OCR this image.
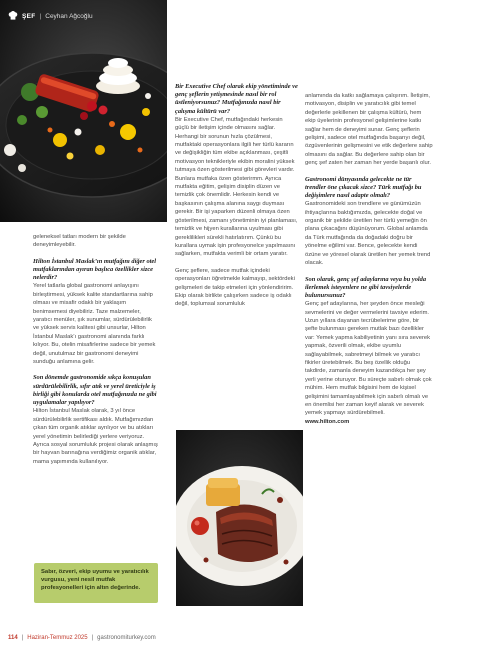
ŞEF | Ceyhan Ağcoğlu

geleneksel tatları modern bir şekilde deneyimleyebilir.

Hilton İstanbul Maslak’ın mutfağını diğer otel mutfaklarından ayıran başlıca özellikler sizce nelerdir?

Yerel tatlarla global gastronomi anlayışını birleştirmesi, yüksek kalite standartlarına sahip olması ve misafir odaklı bir yaklaşım benimsemesi diyebiliriz. Taze malzemeler, yaratıcı menüler, şık sunumlar, sürdürülebilirlik ve yüksek servis kalitesi gibi unsurlar, Hilton İstanbul Maslak’ı gastronomi alanında farklı kılıyor. Bu, otelin misafirlerine sadece bir yemek değil, unutulmaz bir gastronomi deneyimi sunduğu anlamına gelir.

Son dönemde gastronomide sıkça konuşulan sürdürülebilirlik, sıfır atık ve yerel üreticiyle iş birliği gibi konularda otel mutfağınızda ne gibi uygulamalar yapılıyor?

Hilton İstanbul Maslak olarak, 3 yıl önce sürdürülebilirlik sertifikası aldık. Mutfağımızdan çıkan tüm organik atıklar ayrılıyor ve bu atıkları yerel yönetimin belirlediği yerlere veriyoruz. Ayrıca sosyal sorumluluk projesi olarak anlaşmış bir hayvan barınağına verdiğimiz organik atıklar, mama yapımında kullanılıyor.

Sabır, özveri, ekip uyumu ve yaratıcılık vurgusu, yeni nesil mutfak profesyonelleri için altın değerinde.

Bir Executive Chef olarak ekip yönetiminde ve genç şeflerin yetişmesinde nasıl bir rol üstleniyorsunuz? Mutfağınızda nasıl bir çalışma kültürü var?

Bir Executive Chef, mutfağındaki herkesin güçlü bir iletişim içinde olmasını sağlar. Herhangi bir sorunun hızla çözülmesi, mutfaktaki operasyonlara ilgili her türlü kararın ve değişikliğin tüm ekibe açıklanması, çeşitli motivasyon teknikleriyle ekibin moralini yüksek tutmaya özen gösterilmesi gibi görevleri vardır. Bunlara mutfaka özen gösterirmm. Ayrıca mutfakta eğitim, gelişim disiplin düzen ve temizlik çok önemlidir. Herkesin kendi ve başkasının çalışma alanına saygı duyması gerekir. Bir işi yaparken düzenli olmaya özen gösterilmesi, zamanı yönetiminin iyi planlaması, temizlik ve hijyen kurallarına uyulması gibi gereklilikleri sürekli hatırlatırım. Çünkü bu kurallara uymak işin profesyonelce yapılmasını sağlarken, mutfakta verimli bir ortam yaratır.

Genç şeflere, sadece mutfak içindeki operasyonları öğretmekle kalmayıp, sektördeki gelişmeleri de takip etmeleri için yönlendiririm. Ekip olarak birlikte çalışırken sadece iş odaklı değil, toplumsal sorumluluk

anlamında da katkı sağlamaya çalışırım. İletişim, motivasyon, disiplin ve yaratıcılık gibi temel değerlerle şekillenen bir çalışma kültürü, hem ekip üyelerinin profesyonel gelişimlerine katkı sağlar hem de deneyimi sunar. Genç şeflerin gelişimi, sadece otel mutfağında başarıyı değil, özgüvenlerinin gelişmesini ve etik değerlere sahip olmasını da sağlar. Bu değerlere sahip olan bir genç şef zaten her zaman her yerde başarılı olur.

Gastronomi dünyasında gelecekte ne tür trendler öne çıkacak sizce? Türk mutfağı bu değişimlere nasıl adapte olmalı?

Gastronomideki son trendlere ve günümüzün ihtiyaçlarına baktığımızda, gelecekte doğal ve organik bir şekilde üretilen her türlü yemeğin ön plana çıkacağını düşünüyorum. Global anlamda da Türk mutfağında da doğadaki doğru bir yönelme eğilimi var. Bence, gelecekte kendi özüne ve yöresel olarak üretilen her yemek trend olacak.

Son olarak, genç şef adaylarına veya bu yolda ilerlemek isteyenlere ne gibi tavsiyelerde bulunursunuz?

Genç şef adaylarına, her şeyden önce mesleği sevmelerini ve değer vermelerini tavsiye ederim. Uzun yıllara dayanan tecrübelerime göre, bir şefte bulunması gereken mutlak bazı özellikler var: Yemek yapma kabiliyetinin yanı sıra severek yapmak, özverili olmak, ekibe uyumlu sağlayabilmek, sabretmeyi bilmek ve yaratıcı fikirler üretebilmek. Bu beş özellik olduğu takdirde, zamanla deneyim kazandıkça her şey yerli yerine oturuyor. Bu süreçte sabırlı olmak çok mühim. Hem mutfak bilgisini hem de kişisel gelişimini tamamlayabilmek için sabırlı olmalı ve en önemlisi her zaman keyif alarak ve severek yemek yapmayı sürdürebilmeli.

www.hilton.com

114 | Haziran-Temmuz 2025 | gastronomiturkey.com
